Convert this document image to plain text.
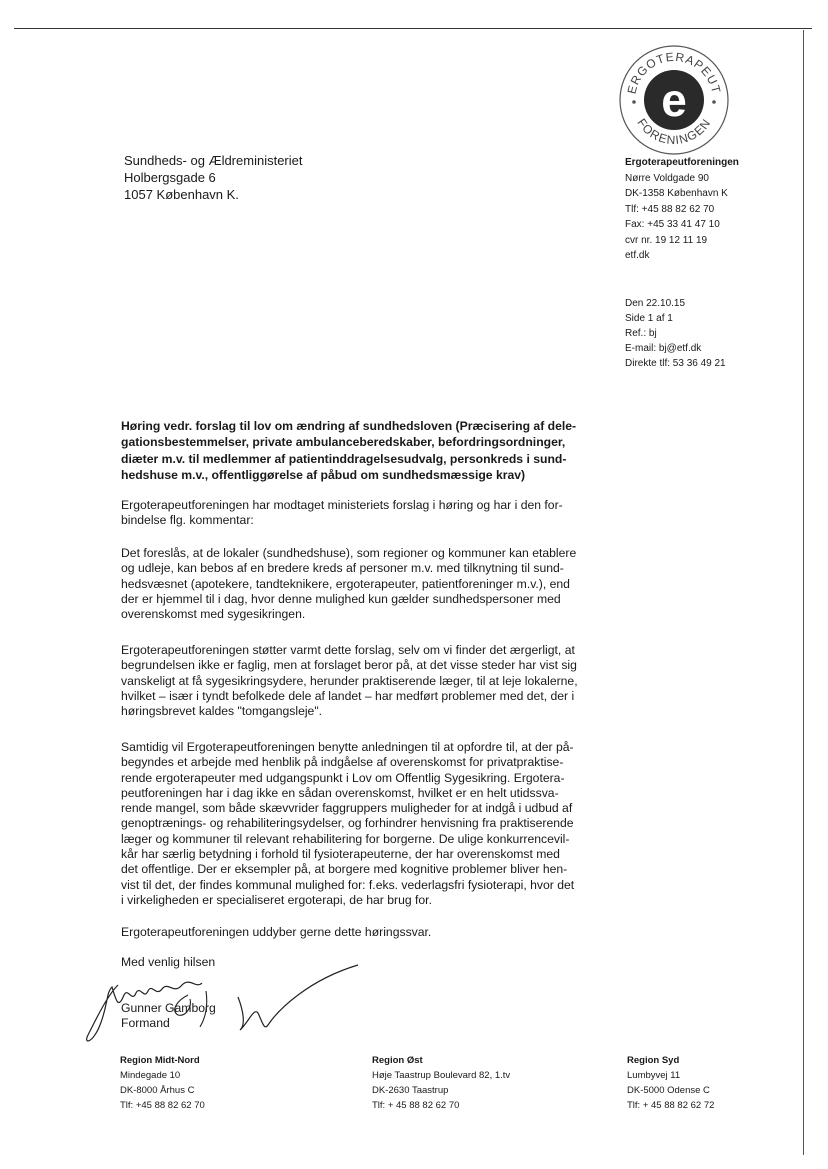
e
ERGOTERAPEUT
FORENINGEN
Sundheds- og Ældreministeriet
Holbergsgade 6
1057 København K.
Ergoterapeutforeningen
Nørre Voldgade 90
DK-1358 København K
Tlf: +45 88 82 62 70
Fax: +45 33 41 47 10
cvr nr. 19 12 11 19
etf.dk
Den 22.10.15
Side 1 af 1
Ref.: bj
E-mail: bj@etf.dk
Direkte tlf: 53 36 49 21
Høring vedr. forslag til lov om ændring af sundhedsloven (Præcisering af dele-
gationsbestemmelser, private ambulanceberedskaber, befordringsordninger,
diæter m.v. til medlemmer af patientinddragelsesudvalg, personkreds i sund-
hedshuse m.v., offentliggørelse af påbud om sundhedsmæssige krav)
Ergoterapeutforeningen har modtaget ministeriets forslag i høring og har i den for-
bindelse flg. kommentar:
Det foreslås, at de lokaler (sundhedshuse), som regioner og kommuner kan etablere
og udleje, kan bebos af en bredere kreds af personer m.v. med tilknytning til sund-
hedsvæsnet (apotekere, tandteknikere, ergoterapeuter, patientforeninger m.v.), end
der er hjemmel til i dag, hvor denne mulighed kun gælder sundhedspersoner med
overenskomst med sygesikringen.
Ergoterapeutforeningen støtter varmt dette forslag, selv om vi finder det ærgerligt, at
begrundelsen ikke er faglig, men at forslaget beror på, at det visse steder har vist sig
vanskeligt at få sygesikringsydere, herunder praktiserende læger, til at leje lokalerne,
hvilket – især i tyndt befolkede dele af landet – har medført problemer med det, der i
høringsbrevet kaldes "tomgangsleje".
Samtidig vil Ergoterapeutforeningen benytte anledningen til at opfordre til, at der på-
begyndes et arbejde med henblik på indgåelse af overenskomst for privatpraktise-
rende ergoterapeuter med udgangspunkt i Lov om Offentlig Sygesikring. Ergotera-
peutforeningen har i dag ikke en sådan overenskomst, hvilket er en helt utidssva-
rende mangel, som både skævvrider faggruppers muligheder for at indgå i udbud af
genoptrænings- og rehabiliteringsydelser, og forhindrer henvisning fra praktiserende
læger og kommuner til relevant rehabilitering for borgerne. De ulige konkurrencevil-
kår har særlig betydning i forhold til fysioterapeuterne, der har overenskomst med
det offentlige. Der er eksempler på, at borgere med kognitive problemer bliver hen-
vist til det, der findes kommunal mulighed for: f.eks. vederlagsfri fysioterapi, hvor det
i virkeligheden er specialiseret ergoterapi, de har brug for.
Ergoterapeutforeningen uddyber gerne dette høringssvar.
Med venlig hilsen
Gunner Gamborg
Formand
Region Midt-Nord
Mindegade 10
DK-8000 Århus C
Tlf: +45 88 82 62 70
Region Øst
Høje Taastrup Boulevard 82, 1.tv
DK-2630 Taastrup
Tlf: + 45 88 82 62 70
Region Syd
Lumbyvej 11
DK-5000 Odense C
Tlf: + 45 88 82 62 72
